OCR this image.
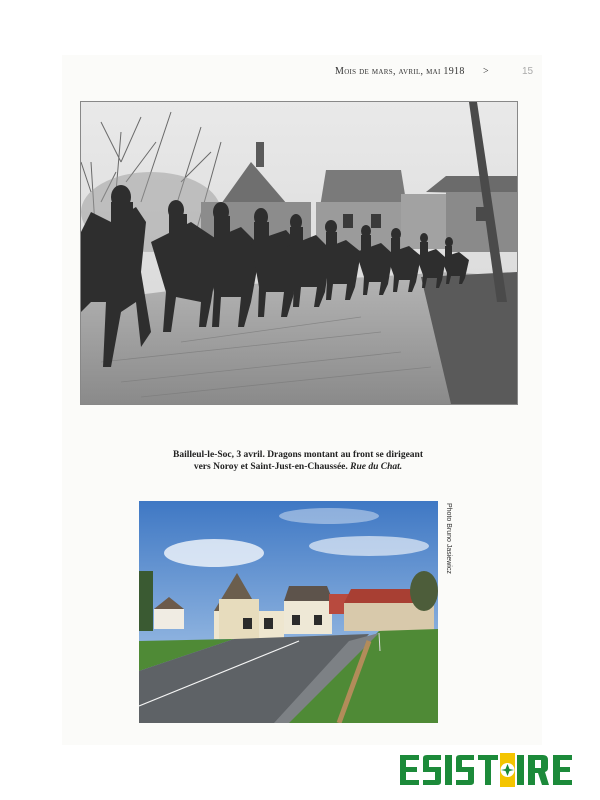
Mois de mars, avril, mai 1918 >	15
Bailleul-le-Soc, 3 avril. Dragons montant au front se dirigeant
vers Noroy et Saint-Just-en-Chaussée. Rue du Chat.
Photo Bruno Jasiewicz
ESISTOIRE
